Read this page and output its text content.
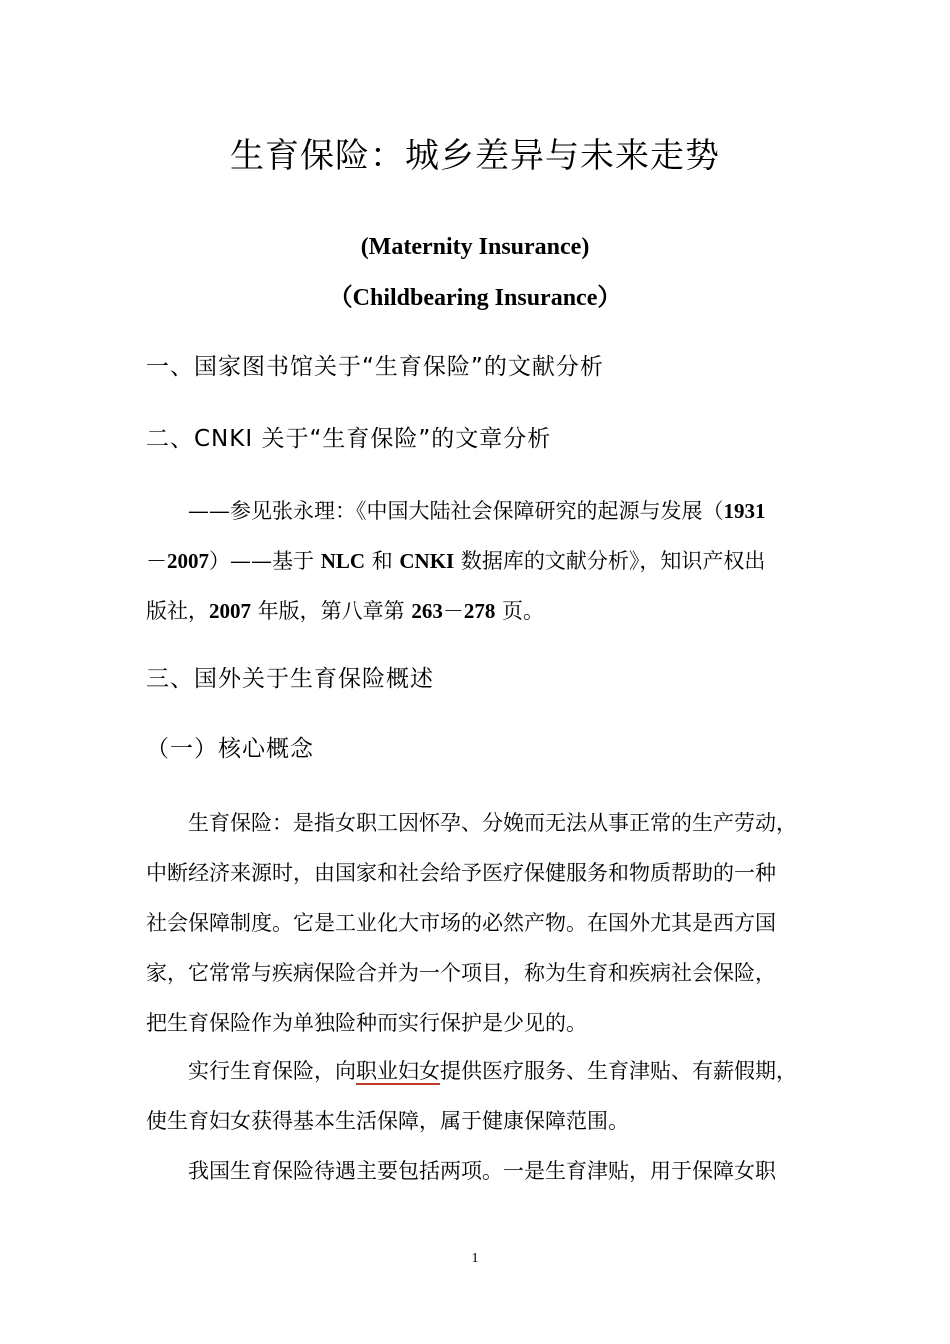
生育保险：城乡差异与未来走势
(Maternity Insurance)
（Childbearing Insurance）
一、国家图书馆关于“生育保险”的文献分析
二、CNKI 关于“生育保险”的文章分析
——参见张永理：《中国大陆社会保障研究的起源与发展（1931
－2007）——基于 NLC 和 CNKI 数据库的文献分析》，知识产权出
版社，2007 年版，第八章第 263－278 页。
三、国外关于生育保险概述
（一）核心概念
生育保险：是指女职工因怀孕、分娩而无法从事正常的生产劳动，
中断经济来源时，由国家和社会给予医疗保健服务和物质帮助的一种
社会保障制度。它是工业化大市场的必然产物。在国外尤其是西方国
家，它常常与疾病保险合并为一个项目，称为生育和疾病社会保险，
把生育保险作为单独险种而实行保护是少见的。
实行生育保险，向职业妇女提供医疗服务、生育津贴、有薪假期，
使生育妇女获得基本生活保障，属于健康保障范围。
我国生育保险待遇主要包括两项。一是生育津贴，用于保障女职
1
